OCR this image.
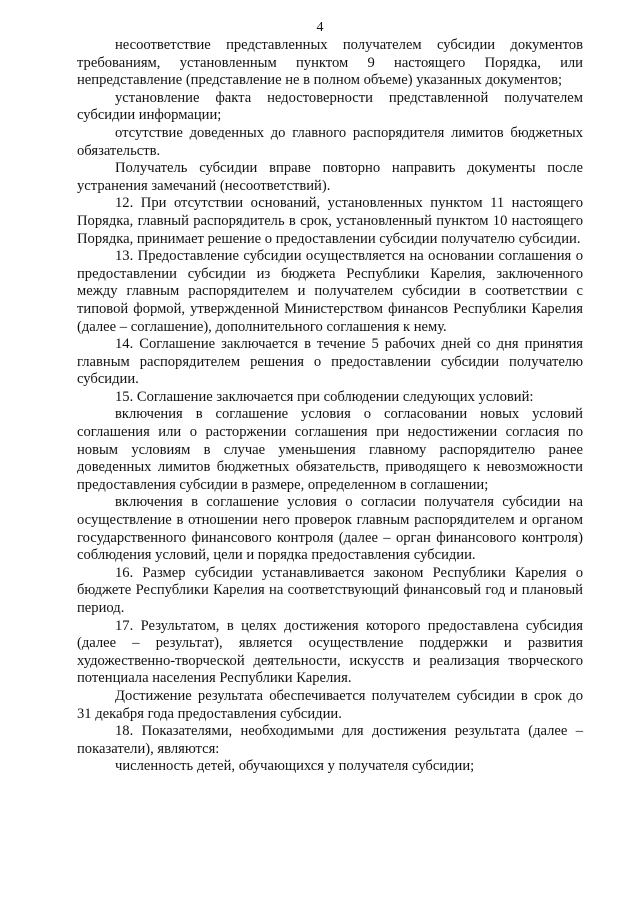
4

несоответствие представленных получателем субсидии документов требованиям, установленным пунктом 9 настоящего Порядка, или непредставление (представление не в полном объеме) указанных документов;

установление факта недостоверности представленной получателем субсидии информации;

отсутствие доведенных до главного распорядителя лимитов бюджетных обязательств.

Получатель субсидии вправе повторно направить документы после устранения замечаний (несоответствий).

12. При отсутствии оснований, установленных пунктом 11 настоящего Порядка, главный распорядитель в срок, установленный пунктом 10 настоящего Порядка, принимает решение о предоставлении субсидии получателю субсидии.

13. Предоставление субсидии осуществляется на основании соглашения о предоставлении субсидии из бюджета Республики Карелия, заключенного между главным распорядителем и получателем субсидии в соответствии с типовой формой, утвержденной Министерством финансов Республики Карелия (далее – соглашение), дополнительного соглашения к нему.

14. Соглашение заключается в течение 5 рабочих дней со дня принятия главным распорядителем решения о предоставлении субсидии получателю субсидии.

15. Соглашение заключается при соблюдении следующих условий:

включения в соглашение условия о согласовании новых условий соглашения или о расторжении соглашения при недостижении согласия по новым условиям в случае уменьшения главному распорядителю ранее доведенных лимитов бюджетных обязательств, приводящего к невозможности предоставления субсидии в размере, определенном в соглашении;

включения в соглашение условия о согласии получателя субсидии на осуществление в отношении него проверок главным распорядителем и органом государственного финансового контроля (далее – орган финансового контроля) соблюдения условий, цели и порядка предоставления субсидии.

16. Размер субсидии устанавливается законом Республики Карелия о бюджете Республики Карелия на соответствующий финансовый год и плановый период.

17. Результатом, в целях достижения которого предоставлена субсидия (далее – результат), является осуществление поддержки и развития художественно-творческой деятельности, искусств и реализация творческого потенциала населения Республики Карелия.

Достижение результата обеспечивается получателем субсидии в срок до 31 декабря года предоставления субсидии.

18. Показателями, необходимыми для достижения результата (далее – показатели), являются:

численность детей, обучающихся у получателя субсидии;
